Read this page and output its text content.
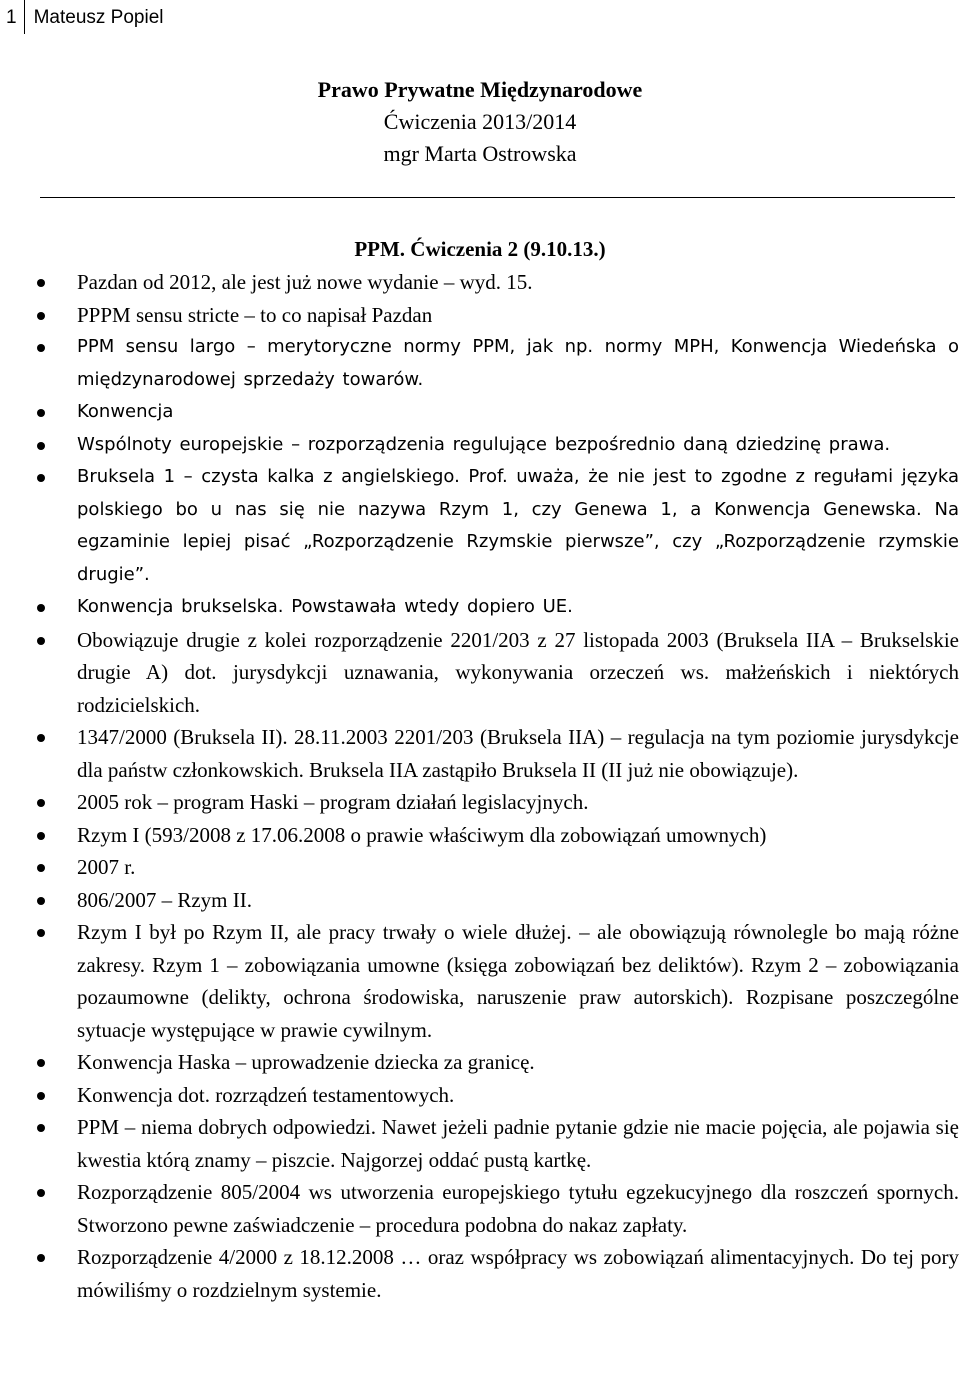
1 Mateusz Popiel
Prawo Prywatne Międzynarodowe
Ćwiczenia 2013/2014
mgr Marta Ostrowska
PPM. Ćwiczenia 2 (9.10.13.)
Pazdan od 2012, ale jest już nowe wydanie – wyd. 15.
PPPM sensu stricte – to co napisał Pazdan
PPM sensu largo – merytoryczne normy PPM, jak np. normy MPH, Konwencja Wiedeńska o międzynarodowej sprzedaży towarów.
Konwencja
Wspólnoty europejskie – rozporządzenia regulujące bezpośrednio daną dziedzinę prawa.
Bruksela 1 – czysta kalka z angielskiego. Prof. uważa, że nie jest to zgodne z regułami języka polskiego bo u nas się nie nazywa Rzym 1, czy Genewa 1, a Konwencja Genewska. Na egzaminie lepiej pisać „Rozporządzenie Rzymskie pierwsze”, czy „Rozporządzenie rzymskie drugie”.
Konwencja brukselska. Powstawała wtedy dopiero UE.
Obowiązuje drugie z kolei rozporządzenie 2201/203 z 27 listopada 2003 (Bruksela IIA – Brukselskie drugie A) dot. jurysdykcji uznawania, wykonywania orzeczeń ws. małżeńskich i niektórych rodzicielskich.
1347/2000 (Bruksela II). 28.11.2003 2201/203 (Bruksela IIA) – regulacja na tym poziomie jurysdykcje dla państw członkowskich. Bruksela IIA zastąpiło Bruksela II (II już nie obowiązuje).
2005 rok – program Haski – program działań legislacyjnych.
Rzym I (593/2008 z 17.06.2008 o prawie właściwym dla zobowiązań umownych)
2007 r.
806/2007 – Rzym II.
Rzym I był po Rzym II, ale pracy trwały o wiele dłużej. – ale obowiązują równolegle bo mają różne zakresy. Rzym 1 – zobowiązania umowne (księga zobowiązań bez deliktów). Rzym 2 – zobowiązania pozaumowne (delikty, ochrona środowiska, naruszenie praw autorskich). Rozpisane poszczególne sytuacje występujące w prawie cywilnym.
Konwencja Haska – uprowadzenie dziecka za granicę.
Konwencja dot. rozrządzeń testamentowych.
PPM – niema dobrych odpowiedzi. Nawet jeżeli padnie pytanie gdzie nie macie pojęcia, ale pojawia się kwestia którą znamy – piszcie. Najgorzej oddać pustą kartkę.
Rozporządzenie 805/2004 ws utworzenia europejskiego tytułu egzekucyjnego dla roszczeń spornych. Stworzono pewne zaświadczenie – procedura podobna do nakaz zapłaty.
Rozporządzenie 4/2000 z 18.12.2008 … oraz współpracy ws zobowiązań alimentacyjnych. Do tej pory mówiliśmy o rozdzielnym systemie.
